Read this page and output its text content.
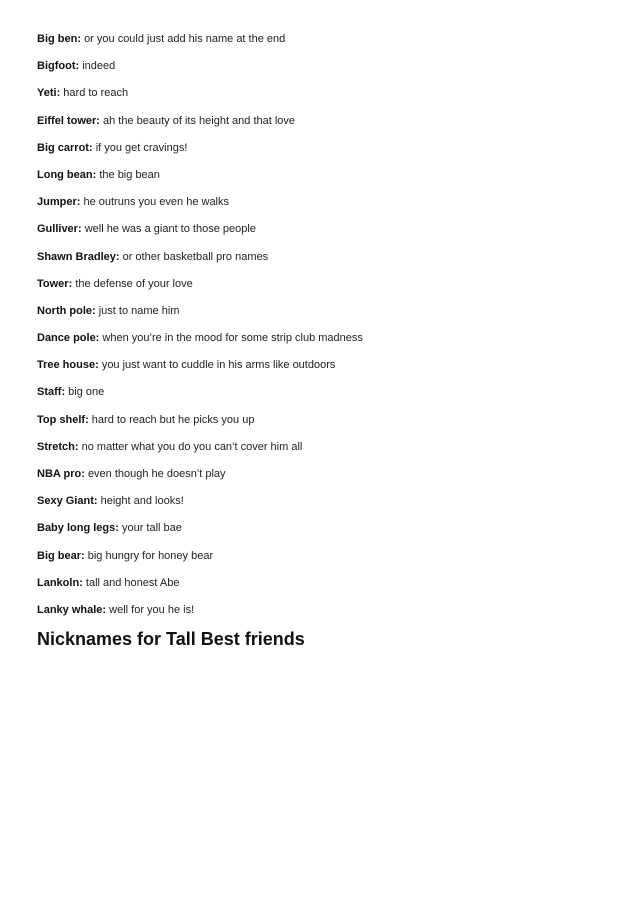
Big ben: or you could just add his name at the end
Bigfoot: indeed
Yeti: hard to reach
Eiffel tower: ah the beauty of its height and that love
Big carrot: if you get cravings!
Long bean: the big bean
Jumper: he outruns you even he walks
Gulliver: well he was a giant to those people
Shawn Bradley: or other basketball pro names
Tower: the defense of your love
North pole: just to name him
Dance pole: when you’re in the mood for some strip club madness
Tree house: you just want to cuddle in his arms like outdoors
Staff: big one
Top shelf: hard to reach but he picks you up
Stretch: no matter what you do you can’t cover him all
NBA pro: even though he doesn’t play
Sexy Giant: height and looks!
Baby long legs: your tall bae
Big bear: big hungry for honey bear
Lankoln: tall and honest Abe
Lanky whale: well for you he is!
Nicknames for Tall Best friends
